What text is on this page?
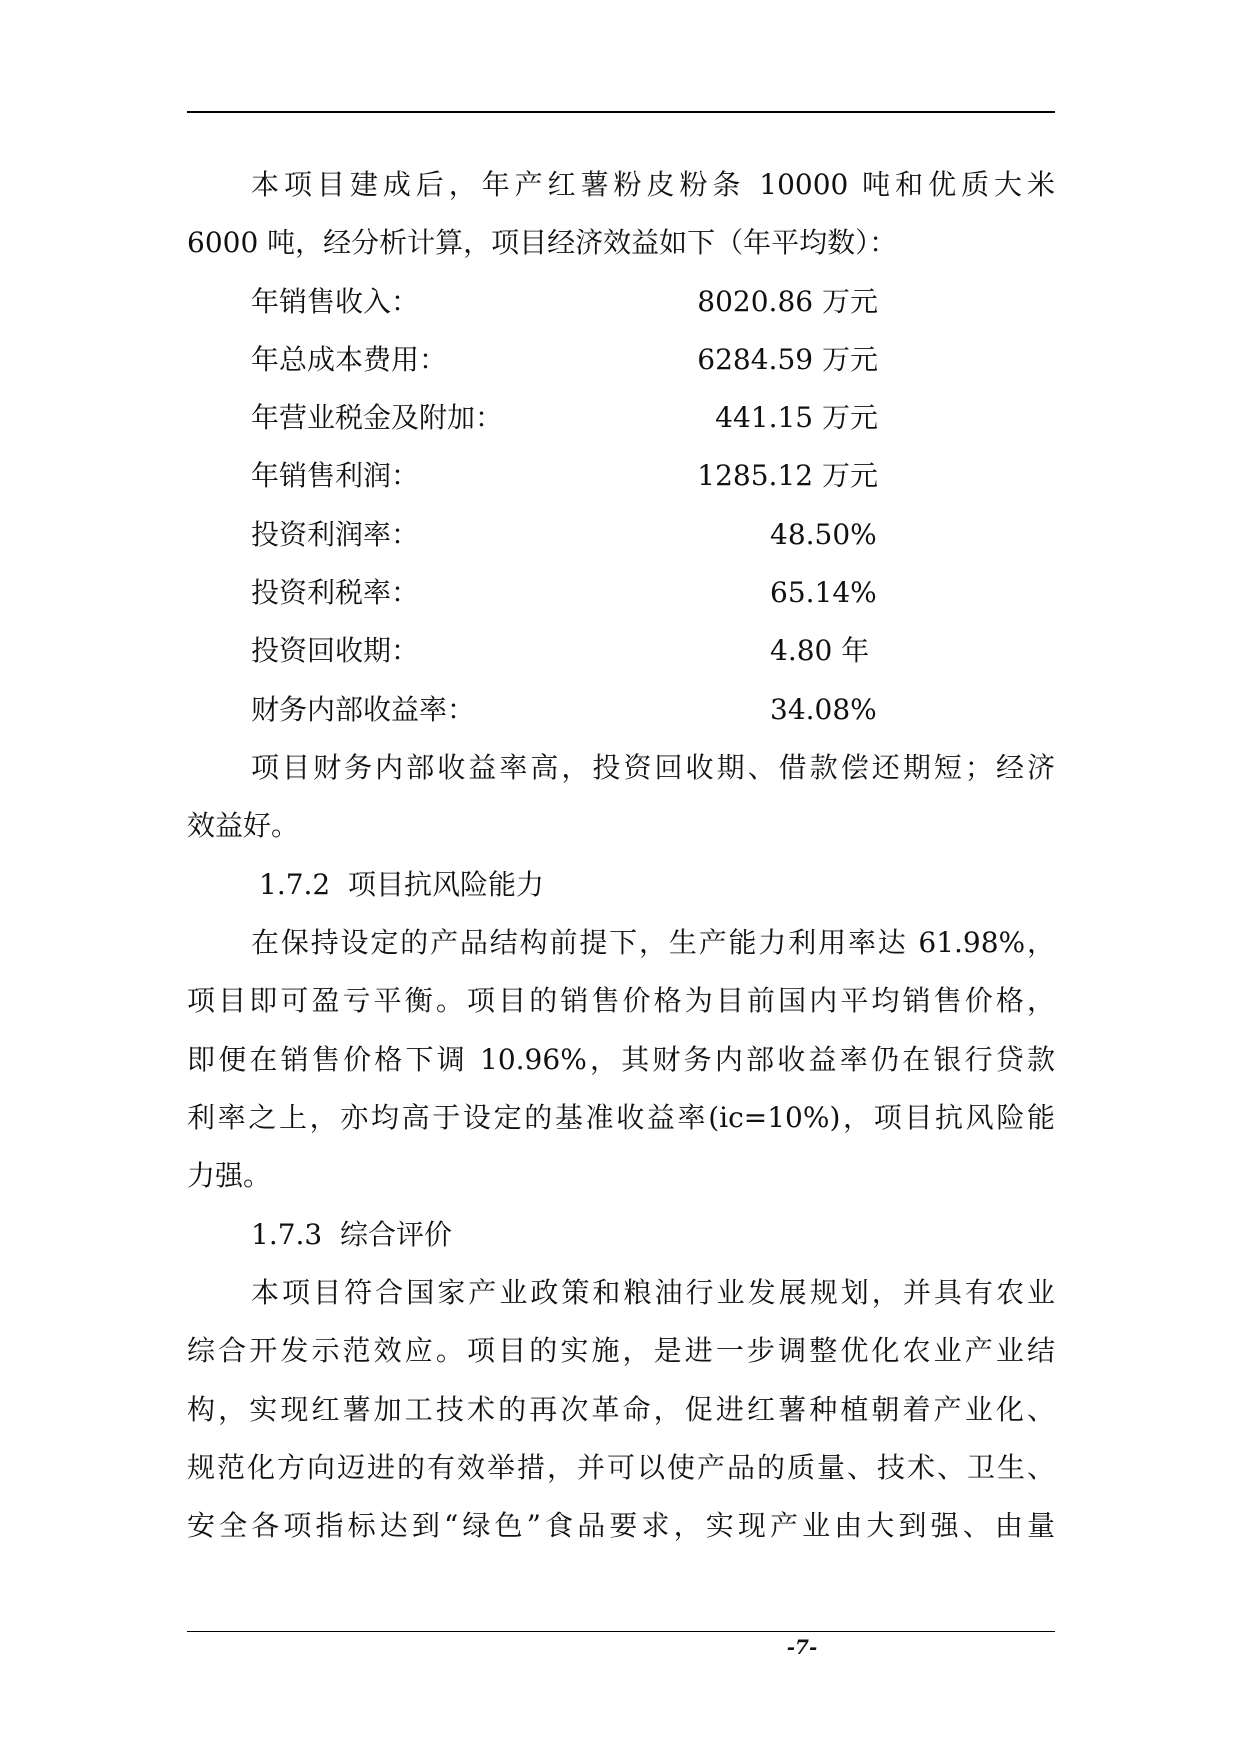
本项目建成后，年产红薯粉皮粉条 10000 吨和优质大米
6000 吨，经分析计算，项目经济效益如下（年平均数）：
年销售收入：	8020.86 万元
年总成本费用：	6284.59 万元
年营业税金及附加：	441.15 万元
年销售利润：	1285.12 万元
投资利润率：	48.50%
投资利税率：	65.14%
投资回收期：	4.80 年
财务内部收益率：	34.08%
项目财务内部收益率高，投资回收期、借款偿还期短；经济
效益好。
1.7.2  项目抗风险能力
在保持设定的产品结构前提下，生产能力利用率达 61.98%，
项目即可盈亏平衡。项目的销售价格为目前国内平均销售价格，
即便在销售价格下调 10.96%，其财务内部收益率仍在银行贷款
利率之上，亦均高于设定的基准收益率(ic=10%)，项目抗风险能
力强。
1.7.3  综合评价
本项目符合国家产业政策和粮油行业发展规划，并具有农业
综合开发示范效应。项目的实施，是进一步调整优化农业产业结
构，实现红薯加工技术的再次革命，促进红薯种植朝着产业化、
规范化方向迈进的有效举措，并可以使产品的质量、技术、卫生、
安全各项指标达到“绿色”食品要求，实现产业由大到强、由量
-7-
